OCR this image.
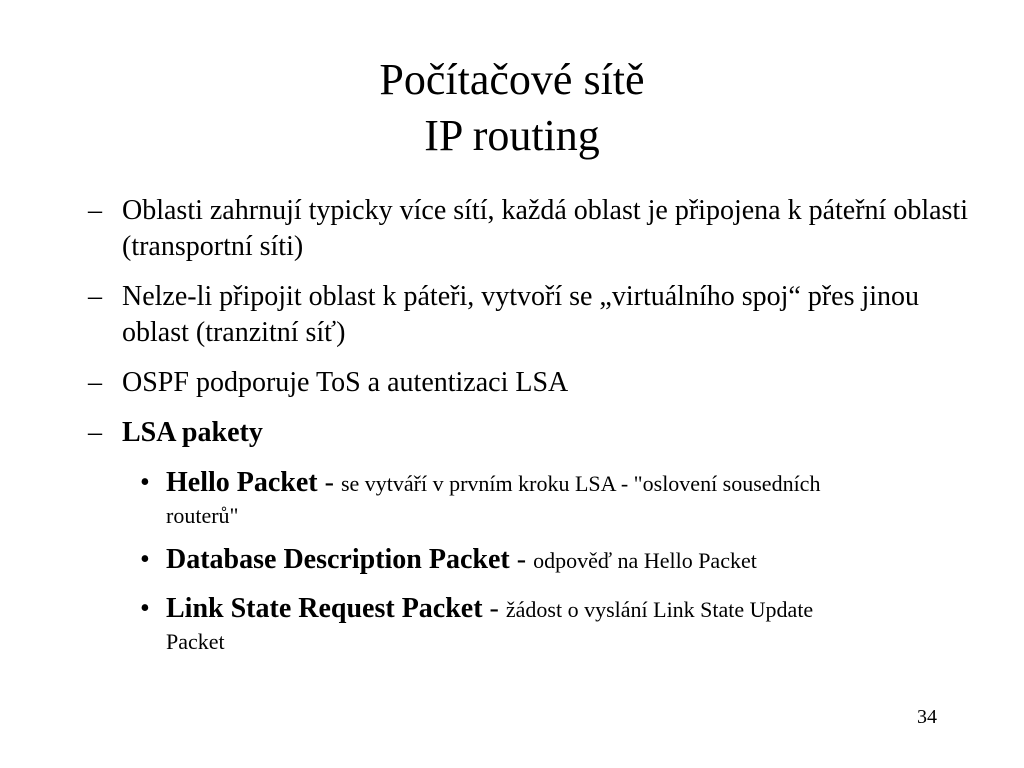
Počítačové sítě
IP routing
– Oblasti zahrnují typicky více sítí, každá oblast je připojena k páteřní oblasti (transportní síti)
– Nelze-li připojit oblast k páteři, vytvoří se „virtuálního spoj“ přes jinou oblast (tranzitní síť)
– OSPF podporuje ToS a autentizaci LSA
– LSA pakety
• Hello Packet - se vytváří v prvním kroku LSA - "oslovení sousedních
routerů"
• Database Description Packet - odpověď na Hello Packet
• Link State Request Packet - žádost o vyslání Link State Update
Packet
34
